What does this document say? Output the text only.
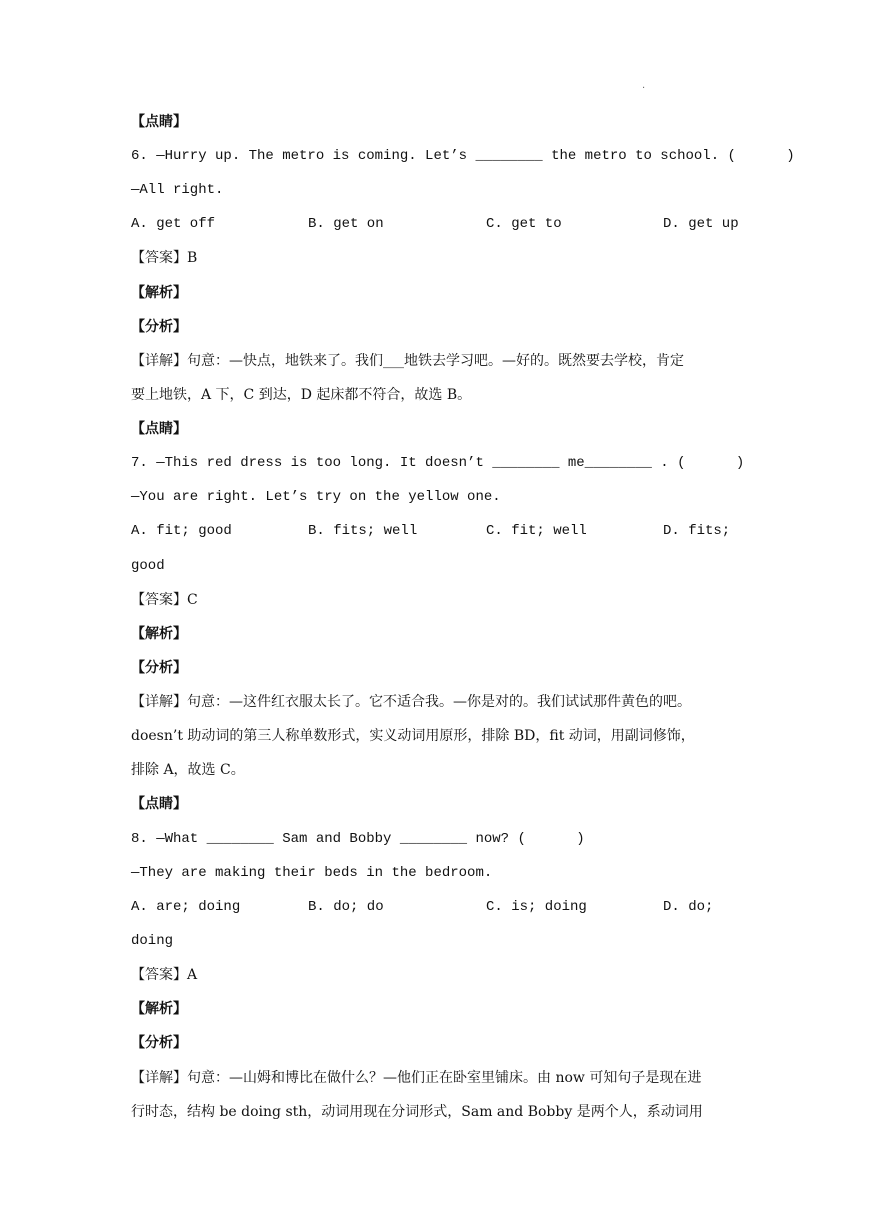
.
【点睛】
6. —Hurry up. The metro is coming. Let’s ________ the metro to school. (      )
—All right.
A. get off	B. get on	C. get to	D. get up
【答案】B
【解析】
【分析】
【详解】句意：—快点，地铁来了。我们___地铁去学习吧。—好的。既然要去学校，肯定
要上地铁，A 下，C 到达，D 起床都不符合，故选 B。
【点睛】
7. —This red dress is too long. It doesn’t ________ me________ . (      )
—You are right. Let’s try on the yellow one.
A. fit; good	B. fits; well	C. fit; well	D. fits;
good
【答案】C
【解析】
【分析】
【详解】句意：—这件红衣服太长了。它不适合我。—你是对的。我们试试那件黄色的吧。
doesn’t 助动词的第三人称单数形式，实义动词用原形，排除 BD，fit 动词，用副词修饰，
排除 A，故选 C。
【点睛】
8. —What ________ Sam and Bobby ________ now? (      )
—They are making their beds in the bedroom.
A. are; doing	B. do; do	C. is; doing	D. do;
doing
【答案】A
【解析】
【分析】
【详解】句意：—山姆和博比在做什么？—他们正在卧室里铺床。由 now 可知句子是现在进
行时态，结构 be doing sth，动词用现在分词形式，Sam and Bobby 是两个人，系动词用
